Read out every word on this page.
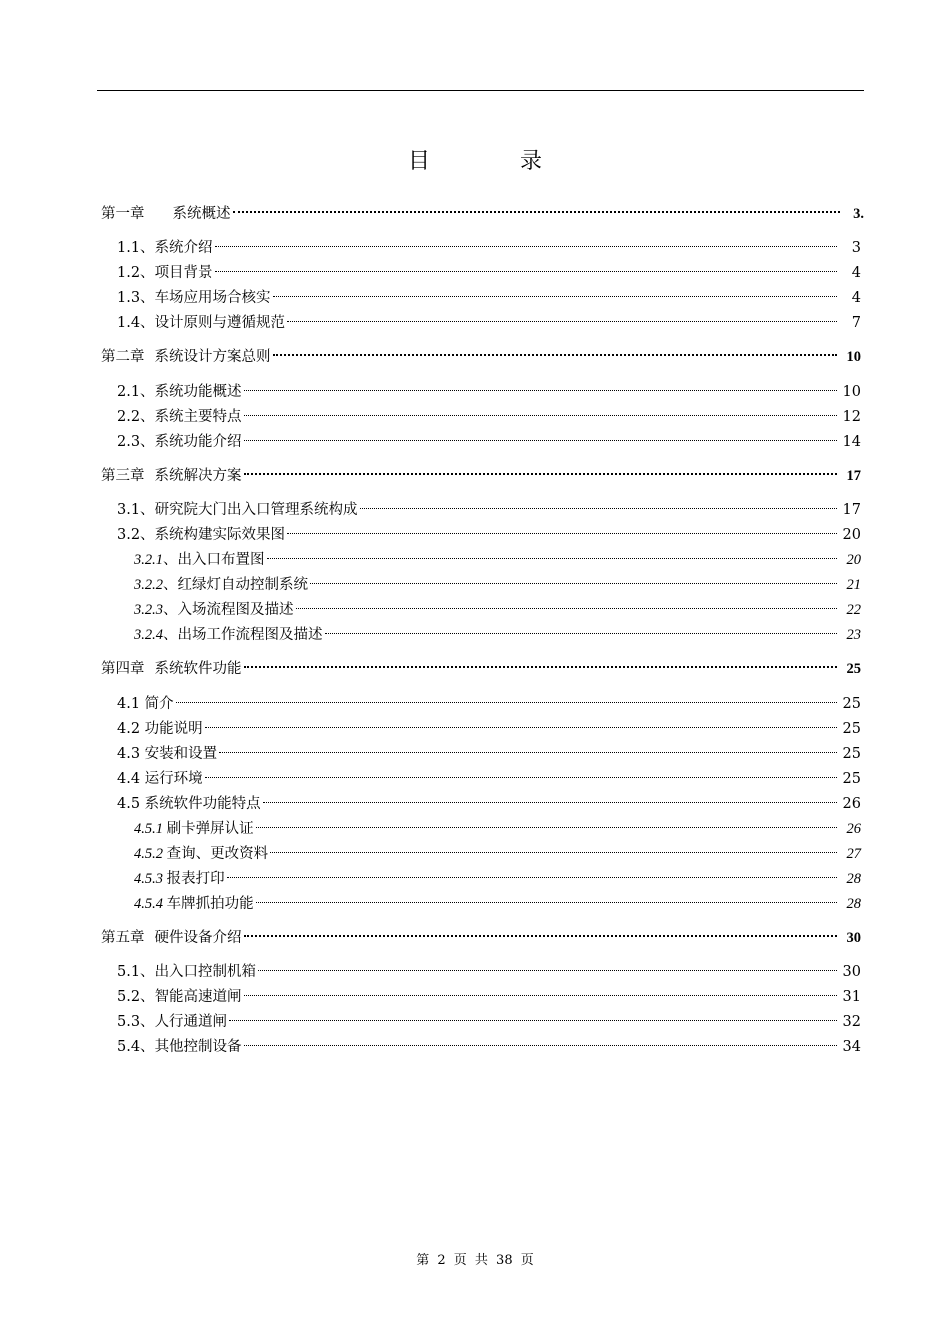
目　录
第一章 系统概述	3.
1.1、系统介绍	3
1.2、项目背景	4
1.3、车场应用场合核实	4
1.4、设计原则与遵循规范	7
第二章 系统设计方案总则	10
2.1、系统功能概述	10
2.2、系统主要特点	12
2.3、系统功能介绍	14
第三章 系统解决方案	17
3.1、研究院大门出入口管理系统构成	17
3.2、系统构建实际效果图	20
3.2.1、出入口布置图	20
3.2.2、红绿灯自动控制系统	21
3.2.3、入场流程图及描述	22
3.2.4、出场工作流程图及描述	23
第四章 系统软件功能	25
4.1 简介	25
4.2 功能说明	25
4.3 安装和设置	25
4.4 运行环境	25
4.5 系统软件功能特点	26
4.5.1 刷卡弹屏认证	26
4.5.2 查询、更改资料	27
4.5.3 报表打印	28
4.5.4 车牌抓拍功能	28
第五章 硬件设备介绍	30
5.1、出入口控制机箱	30
5.2、智能高速道闸	31
5.3、人行通道闸	32
5.4、其他控制设备	34
第 2 页 共 38 页
